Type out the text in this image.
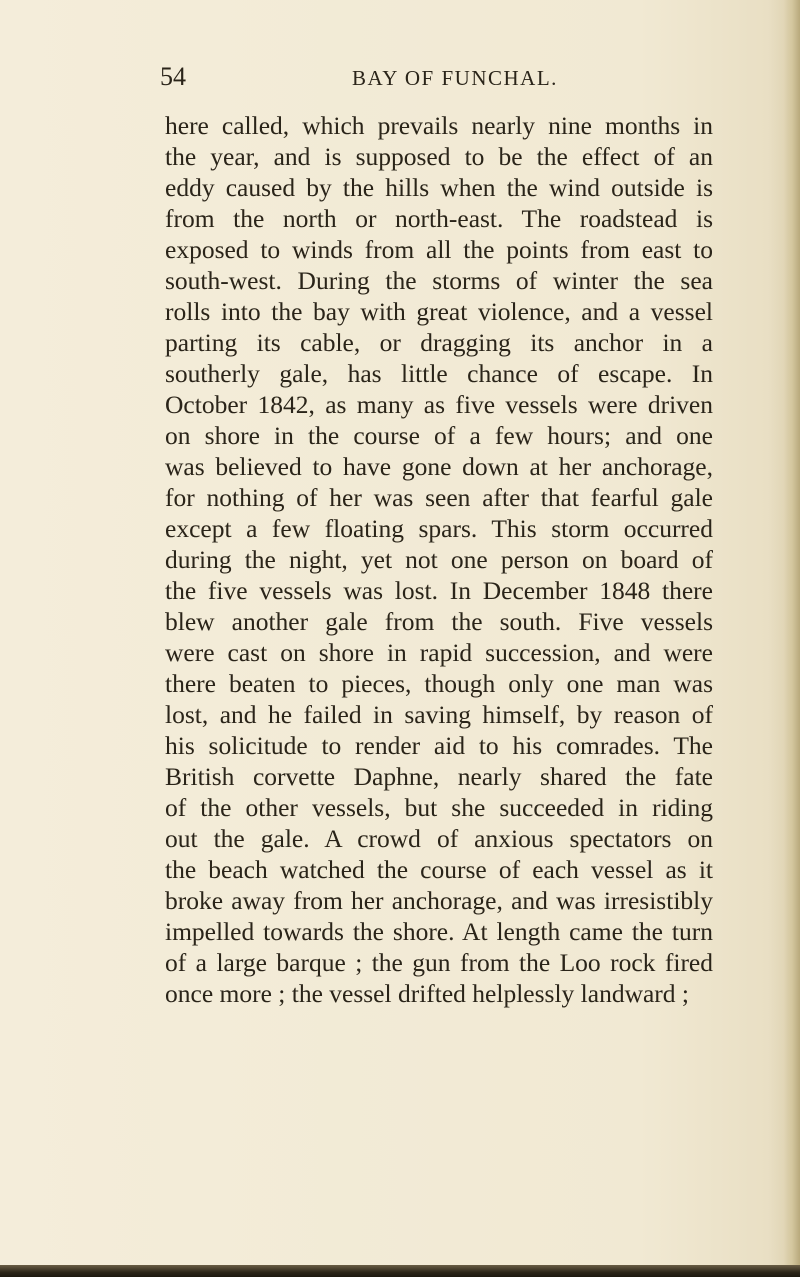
54	BAY OF FUNCHAL.
here called, which prevails nearly nine months in
the year, and is supposed to be the effect of an
eddy caused by the hills when the wind outside is
from the north or north-east. The roadstead is
exposed to winds from all the points from east to
south-west. During the storms of winter the sea
rolls into the bay with great violence, and a vessel
parting its cable, or dragging its anchor in a
southerly gale, has little chance of escape. In
October 1842, as many as five vessels were driven
on shore in the course of a few hours; and one
was believed to have gone down at her anchorage,
for nothing of her was seen after that fearful gale
except a few floating spars. This storm occurred
during the night, yet not one person on board of
the five vessels was lost. In December 1848 there
blew another gale from the south. Five vessels
were cast on shore in rapid succession, and were
there beaten to pieces, though only one man was
lost, and he failed in saving himself, by reason of
his solicitude to render aid to his comrades. The
British corvette Daphne, nearly shared the fate
of the other vessels, but she succeeded in riding
out the gale. A crowd of anxious spectators on
the beach watched the course of each vessel as it
broke away from her anchorage, and was irresistibly
impelled towards the shore. At length came the turn
of a large barque ; the gun from the Loo rock fired
once more ; the vessel drifted helplessly landward ;
